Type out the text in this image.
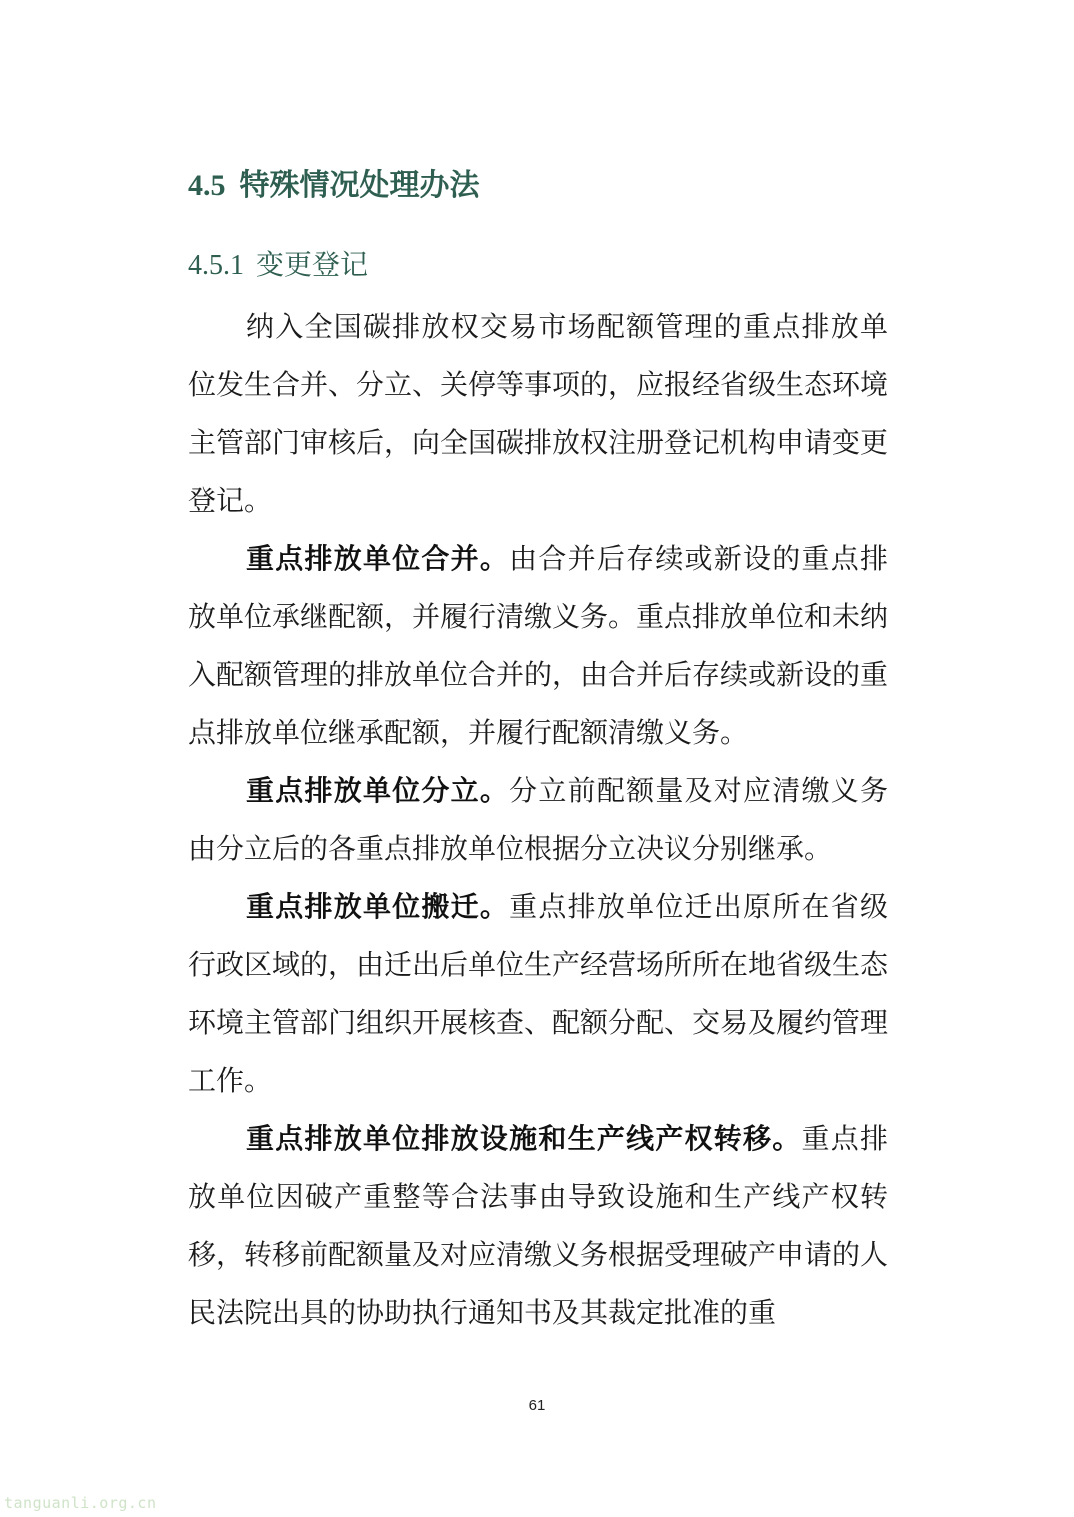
4.5 特殊情况处理办法
4.5.1 变更登记

纳入全国碳排放权交易市场配额管理的重点排放单位发生合并、分立、关停等事项的，应报经省级生态环境主管部门审核后，向全国碳排放权注册登记机构申请变更登记。

重点排放单位合并。由合并后存续或新设的重点排放单位承继配额，并履行清缴义务。重点排放单位和未纳入配额管理的排放单位合并的，由合并后存续或新设的重点排放单位继承配额，并履行配额清缴义务。

重点排放单位分立。分立前配额量及对应清缴义务由分立后的各重点排放单位根据分立决议分别继承。

重点排放单位搬迁。重点排放单位迁出原所在省级行政区域的，由迁出后单位生产经营场所所在地省级生态环境主管部门组织开展核查、配额分配、交易及履约管理工作。

重点排放单位排放设施和生产线产权转移。重点排放单位因破产重整等合法事由导致设施和生产线产权转移，转移前配额量及对应清缴义务根据受理破产申请的人民法院出具的协助执行通知书及其裁定批准的重

61
tanguanli.org.cn
